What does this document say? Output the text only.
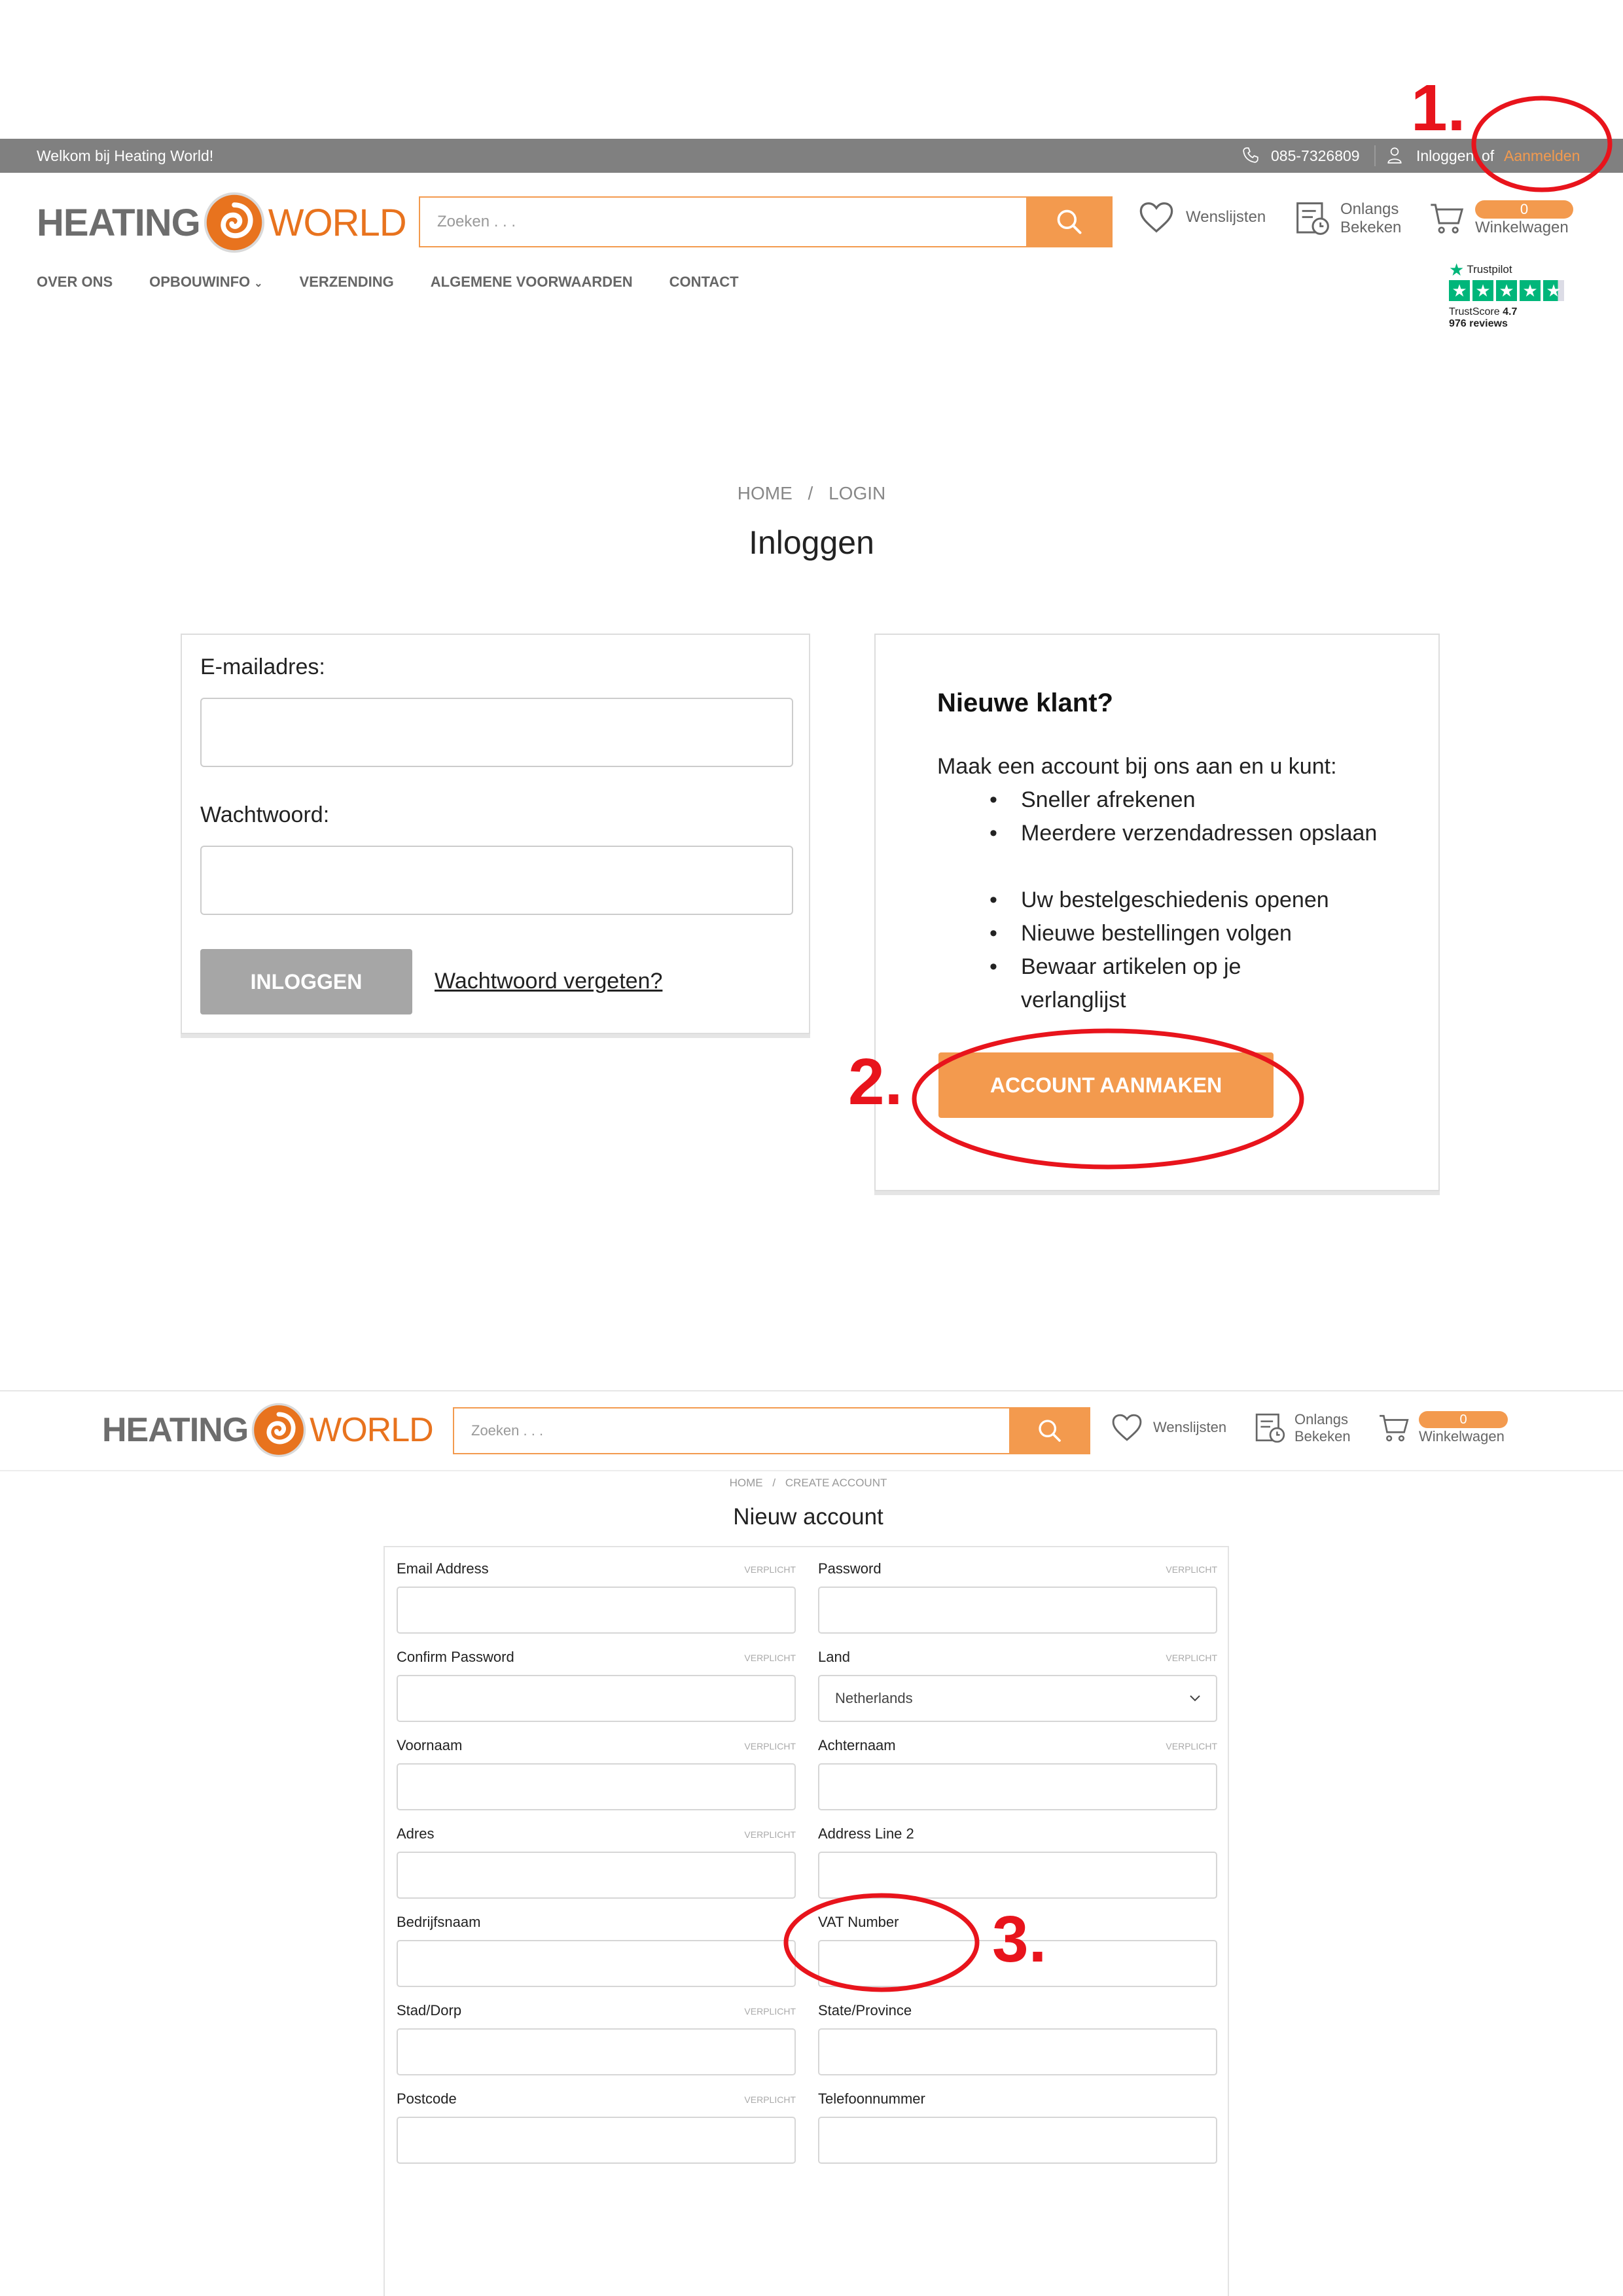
Welkom bij Heating World!	085-7326809	Inloggen of Aanmelden
1.
HEATING WORLD	Zoeken . . .	Wenslijsten	Onlangs
Bekeken
0
Winkelwagen
OVER ONS	OPBOUWINFO ⌄	VERZENDING	ALGEMENE VOORWAARDEN	CONTACT
★ Trustpilot
★ ★ ★ ★ ★
TrustScore 4.7
976 reviews
HOME / LOGIN
Inloggen
E-mailadres:
Wachtwoord:
INLOGGEN	Wachtwoord vergeten?
Nieuwe klant?
Maak een account bij ons aan en u kunt:
• Sneller afrekenen
• Meerdere verzendadressen opslaan
• Uw bestelgeschiedenis openen
• Nieuwe bestellingen volgen
• Bewaar artikelen op je verlanglijst
ACCOUNT AANMAKEN
2.
HEATING WORLD	Zoeken . . .	Wenslijsten	Onlangs
Bekeken
0
Winkelwagen
HOME / CREATE ACCOUNT
Nieuw account
Email Address	VERPLICHT Password	VERPLICHT
Confirm Password	VERPLICHT Land	VERPLICHT
Netherlands
Voornaam	VERPLICHT Achternaam	VERPLICHT
Adres	VERPLICHT Address Line 2
Bedrijfsnaam	VAT Number
Stad/Dorp	VERPLICHT State/Province
Postcode	VERPLICHT Telefoonnummer
3.
